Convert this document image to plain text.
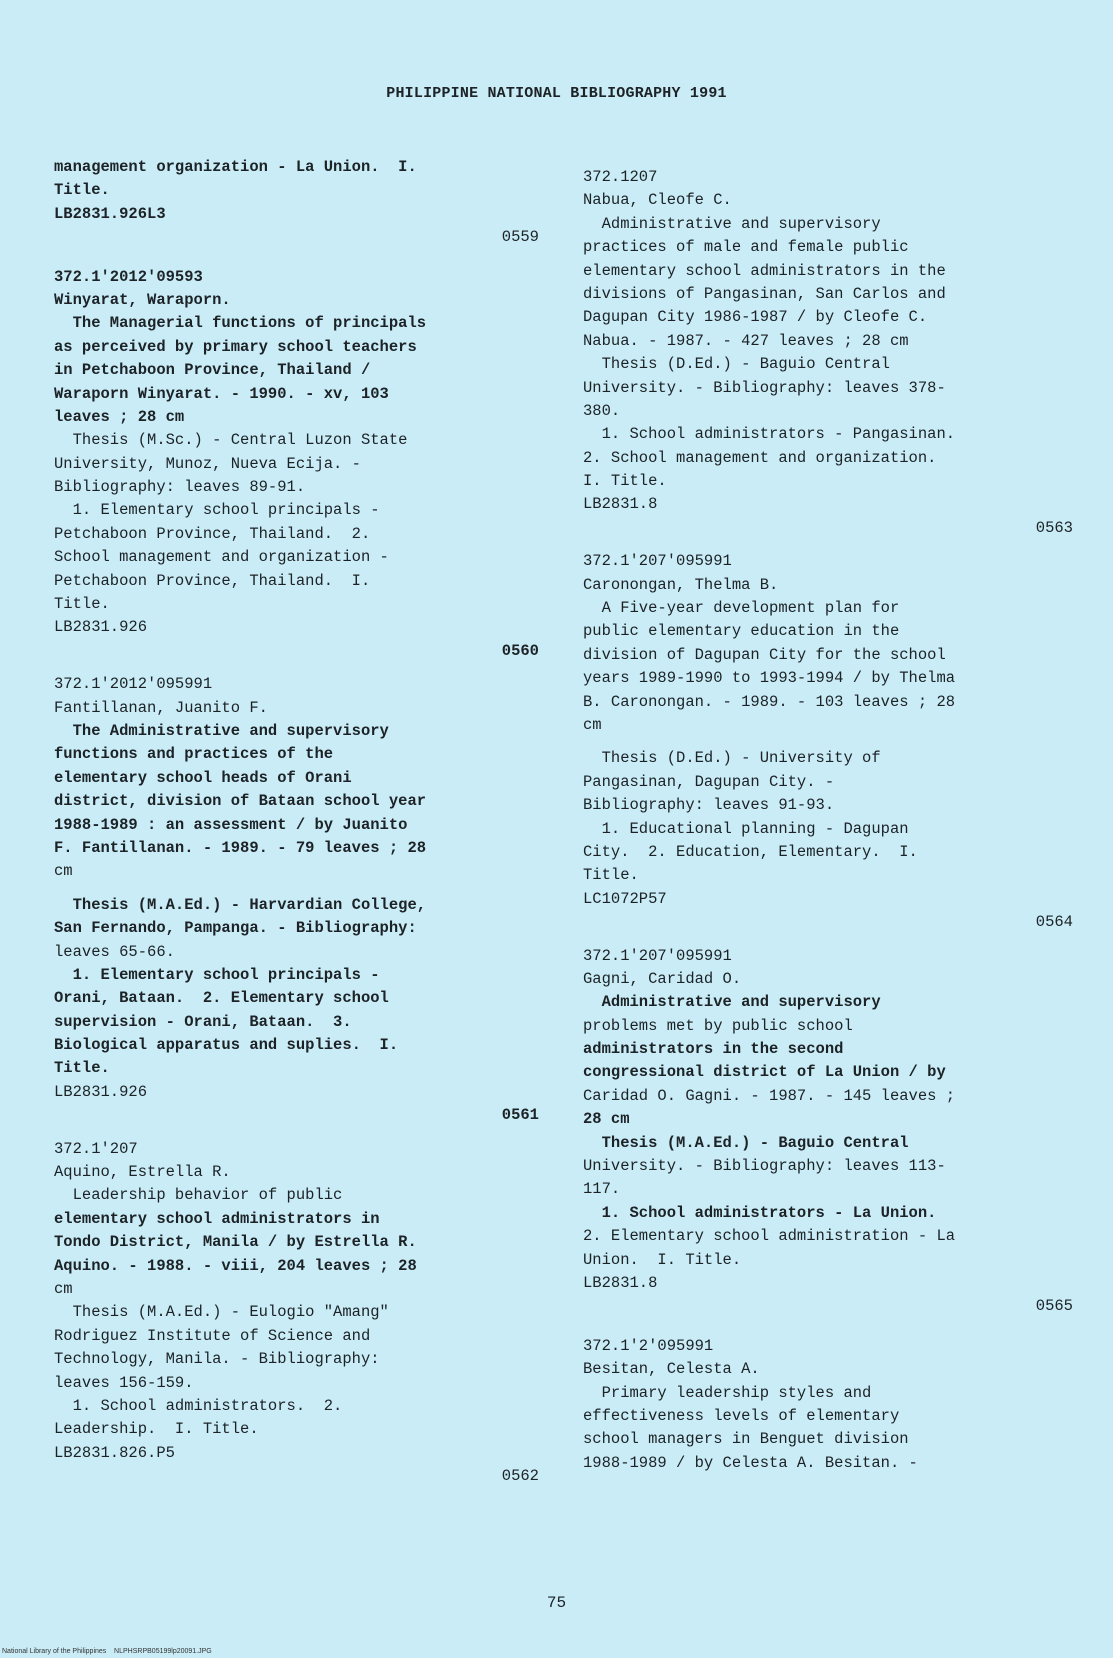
PHILIPPINE NATIONAL BIBLIOGRAPHY 1991
management organization - La Union.  I.
Title.
LB2831.926L3
0559
372.1'2012'09593
Winyarat, Waraporn.
The Managerial functions of principals
as perceived by primary school teachers
in Petchaboon Province, Thailand /
Waraporn Winyarat. - 1990. - xv, 103
leaves ; 28 cm
Thesis (M.Sc.) - Central Luzon State
University, Munoz, Nueva Ecija. -
Bibliography: leaves 89-91.
1. Elementary school principals -
Petchaboon Province, Thailand.  2.
School management and organization -
Petchaboon Province, Thailand.  I.
Title.
LB2831.926
0560
372.1'2012'095991
Fantillanan, Juanito F.
The Administrative and supervisory
functions and practices of the
elementary school heads of Orani
district, division of Bataan school year
1988-1989 : an assessment / by Juanito
F. Fantillanan. - 1989. - 79 leaves ; 28
cm
Thesis (M.A.Ed.) - Harvardian College,
San Fernando, Pampanga. - Bibliography:
leaves 65-66.
1. Elementary school principals -
Orani, Bataan.  2. Elementary school
supervision - Orani, Bataan.  3.
Biological apparatus and suplies.  I.
Title.
LB2831.926
0561
372.1'207
Aquino, Estrella R.
Leadership behavior of public
elementary school administrators in
Tondo District, Manila / by Estrella R.
Aquino. - 1988. - viii, 204 leaves ; 28
cm
Thesis (M.A.Ed.) - Eulogio "Amang"
Rodriguez Institute of Science and
Technology, Manila. - Bibliography:
leaves 156-159.
1. School administrators.  2.
Leadership.  I. Title.
LB2831.826.P5
0562
372.1207
Nabua, Cleofe C.
Administrative and supervisory
practices of male and female public
elementary school administrators in the
divisions of Pangasinan, San Carlos and
Dagupan City 1986-1987 / by Cleofe C.
Nabua. - 1987. - 427 leaves ; 28 cm
Thesis (D.Ed.) - Baguio Central
University. - Bibliography: leaves 378-
380.
1. School administrators - Pangasinan.
2. School management and organization.
I. Title.
LB2831.8
0563
372.1'207'095991
Caronongan, Thelma B.
A Five-year development plan for
public elementary education in the
division of Dagupan City for the school
years 1989-1990 to 1993-1994 / by Thelma
B. Caronongan. - 1989. - 103 leaves ; 28
cm
Thesis (D.Ed.) - University of
Pangasinan, Dagupan City. -
Bibliography: leaves 91-93.
1. Educational planning - Dagupan
City.  2. Education, Elementary.  I.
Title.
LC1072P57
0564
372.1'207'095991
Gagni, Caridad O.
Administrative and supervisory
problems met by public school
administrators in the second
congressional district of La Union / by
Caridad O. Gagni. - 1987. - 145 leaves ;
28 cm
Thesis (M.A.Ed.) - Baguio Central
University. - Bibliography: leaves 113-
117.
1. School administrators - La Union.
2. Elementary school administration - La
Union.  I. Title.
LB2831.8
0565
372.1'2'095991
Besitan, Celesta A.
Primary leadership styles and
effectiveness levels of elementary
school managers in Benguet division
1988-1989 / by Celesta A. Besitan. -
75
National Library of the Philippines    NLPHSRPB05199lp20091.JPG
